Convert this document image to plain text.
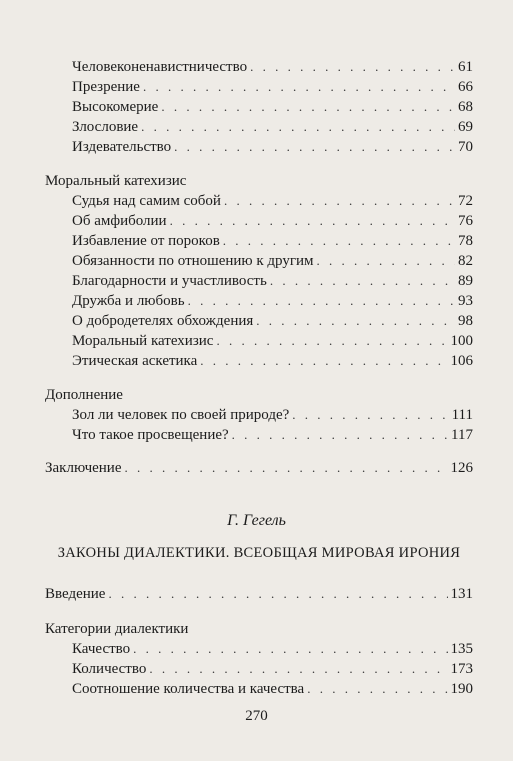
Человеконенавистничество . . .	61
Презрение . . .	66
Высокомерие . . .	68
Злословие . . .	69
Издевательство . . .	70
Моральный катехизис
Судья над самим собой . . .	72
Об амфиболии . . .	76
Избавление от пороков . . .	78
Обязанности по отношению к другим . . .	82
Благодарности и участливость . . .	89
Дружба и любовь . . .	93
О добродетелях обхождения . . .	98
Моральный катехизис . . .	100
Этическая аскетика . . .	106
Дополнение
Зол ли человек по своей природе? . . .	111
Что такое просвещение? . . .	117
Заключение . . .	126
Г. Гегель
ЗАКОНЫ ДИАЛЕКТИКИ. ВСЕОБЩАЯ МИРОВАЯ ИРОНИЯ
Введение . . .	131
Категории диалектики
Качество . . .	135
Количество . . .	173
Соотношение количества и качества . . .	190
270
